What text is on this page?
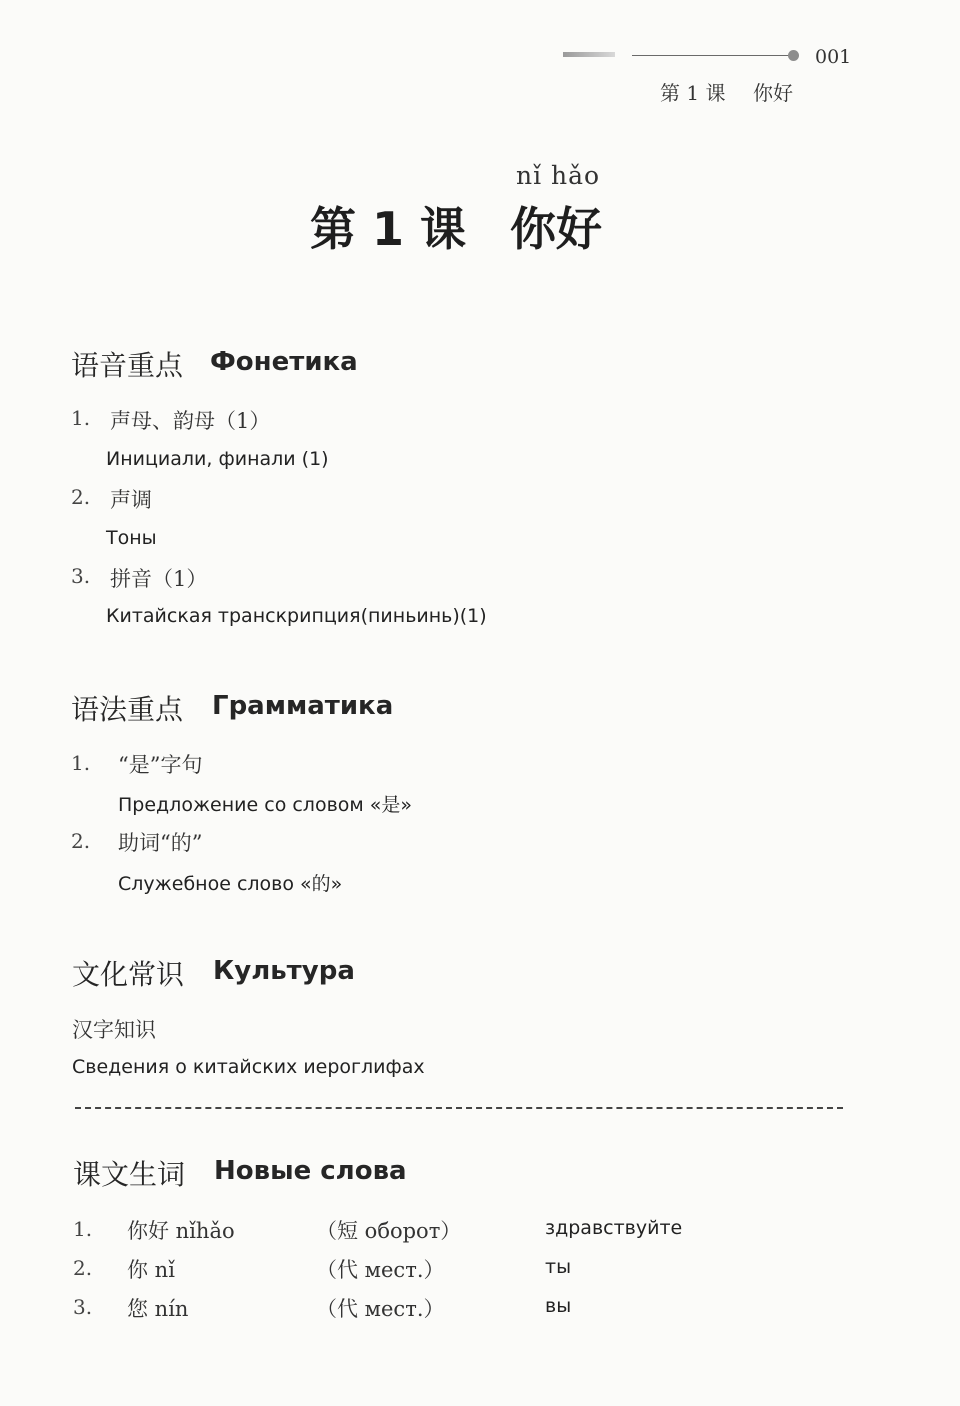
001
第 1 课 你好
nǐ hǎo
第 1 课 你好
语音重点 Фонетика
1. 声母、韵母（1）
Инициали, финали (1)
2. 声调
Тоны
3. 拼音（1）
Китайская транскрипция(пиньинь)(1)
语法重点 Грамматика
1. “是”字句
Предложение со словом «是»
2. 助词“的”
Служебное слово «的»
文化常识 Культура
汉字知识
Сведения о китайских иероглифах
课文生词 Новые слова
1. 你好 nǐhǎo	（短 оборот）	здравствуйте
2. 你 nǐ	（代 мест.）	ты
3. 您 nín	（代 мест.）	вы
